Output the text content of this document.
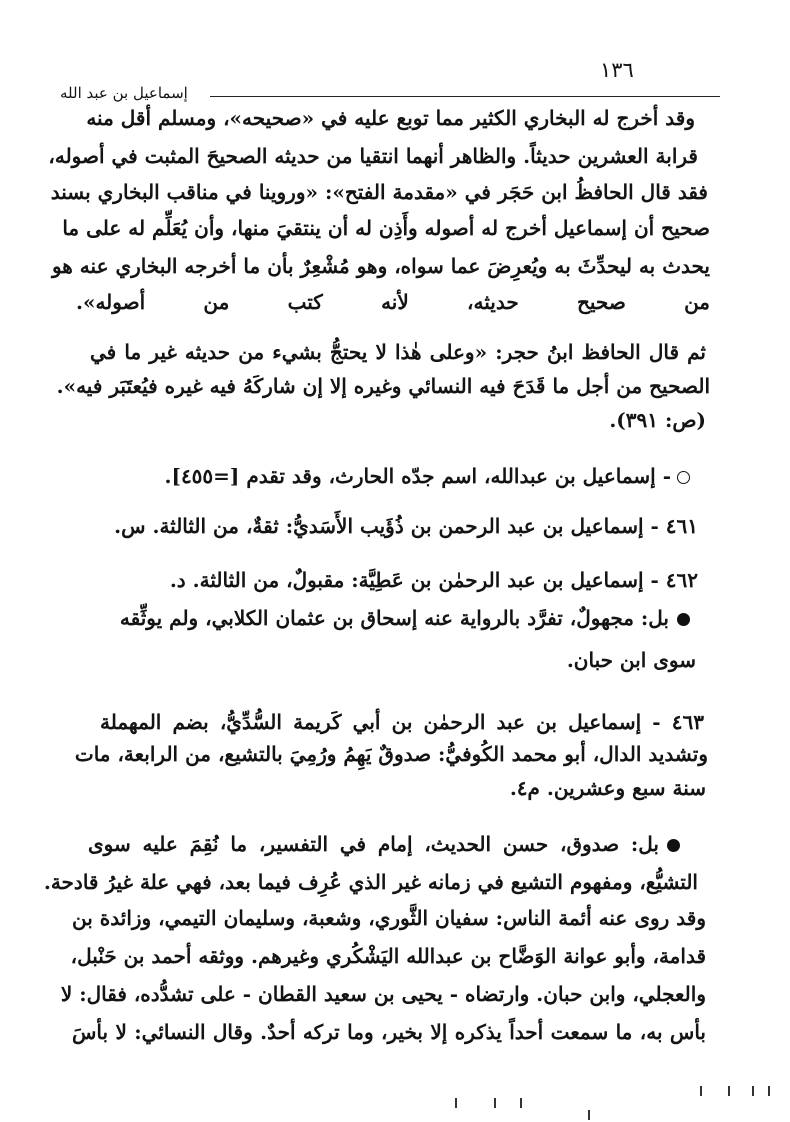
١٣٦
إسماعيل بن عبد الله
وقد أخرج له البخاري الكثير مما توبع عليه في «صحيحه»، ومسلم أقل منه
قرابة العشرين حديثاً. والظاهر أنهما انتقيا من حديثه الصحيحَ المثبت في أصوله،
فقد قال الحافظُ ابن حَجَر في «مقدمة الفتح»: «وروينا في مناقب البخاري بسند
صحيح أن إسماعيل أخرج له أصوله وأَذِن له أن ينتقيَ منها، وأن يُعَلِّم له على ما
يحدث به ليحدِّثَ به ويُعرِضَ عما سواه، وهو مُشْعِرٌ بأن ما أخرجه البخاري عنه هو
من صحيح حديثه، لأنه كتب من أصوله».
ثم قال الحافظ ابنُ حجر: «وعلى هٰذا لا يحتجُّ بشيء من حديثه غير ما في
الصحيح من أجل ما قَدَحَ فيه النسائي وغيره إلا إن شاركَهُ فيه غيره فيُعتَبَر فيه».
(ص: ٣٩١).
- إسماعيل بن عبدالله، اسم جدّه الحارث، وقد تقدم [=٤٥٥].
٤٦١ - إسماعيل بن عبد الرحمن بن ذُؤَيب الأَسَديُّ: ثقةٌ، من الثالثة. س.
٤٦٢ - إسماعيل بن عبد الرحمٰن بن عَطِيَّة: مقبولٌ، من الثالثة. د.
بل: مجهولٌ، تفرَّد بالرواية عنه إسحاق بن عثمان الكلابي، ولم يوثِّقه
سوى ابن حبان.
٤٦٣ - إسماعيل بن عبد الرحمٰن بن أبي كَريمة السُّدِّيُّ، بضم المهملة
وتشديد الدال، أبو محمد الكُوفيُّ: صدوقٌ يَهِمُ ورُمِيَ بالتشيع، من الرابعة، مات
سنة سبع وعشرين. م٤.
بل: صدوق، حسن الحديث، إمام في التفسير، ما نُقِمَ عليه سوى
التشيُّع، ومفهوم التشيع في زمانه غير الذي عُرِف فيما بعد، فهي علة غيرُ قادحة.
وقد روى عنه أئمة الناس: سفيان الثَّوري، وشعبة، وسليمان التيمي، وزائدة بن
قدامة، وأبو عوانة الوَضَّاح بن عبدالله اليَشْكُري وغيرهم. ووثقه أحمد بن حَنْبل،
والعجلي، وابن حبان. وارتضاه - يحيى بن سعيد القطان - على تشدُّده، فقال: لا
بأس به، ما سمعت أحداً يذكره إلا بخير، وما تركه أحدٌ. وقال النسائي: لا بأسَ
